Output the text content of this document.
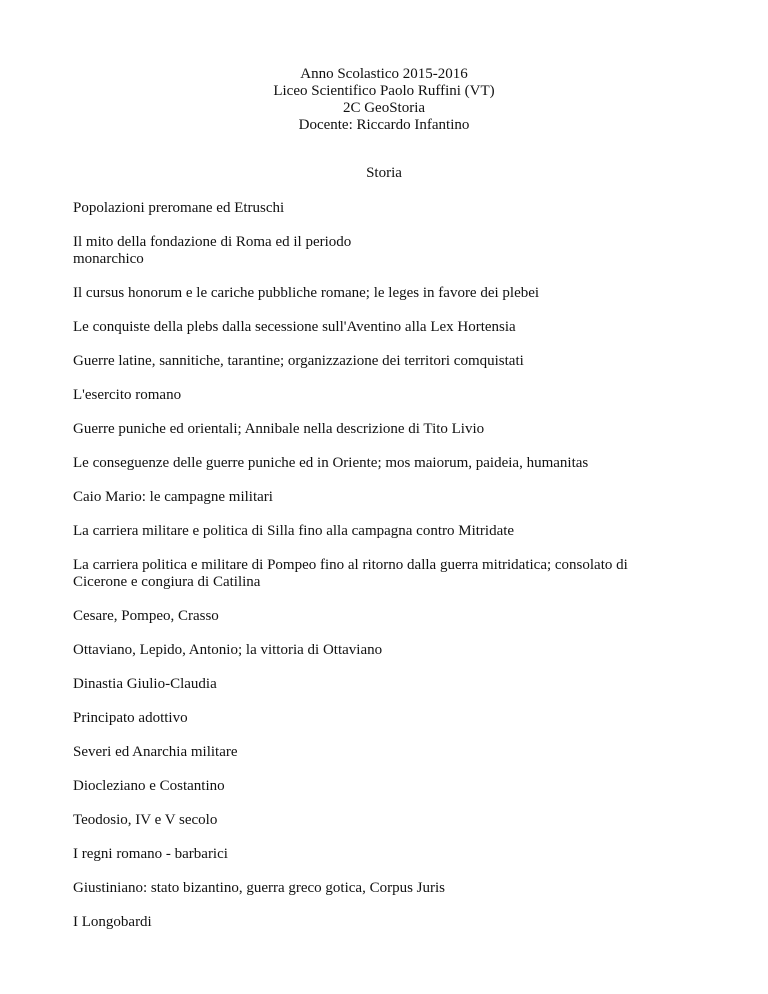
Anno Scolastico 2015-2016
Liceo Scientifico Paolo Ruffini (VT)
2C GeoStoria
Docente: Riccardo Infantino
Storia
Popolazioni preromane ed Etruschi
Il mito della fondazione di Roma ed il periodo monarchico
Il cursus honorum e le cariche pubbliche romane; le leges in favore dei plebei
Le conquiste della plebs dalla secessione sull'Aventino alla Lex Hortensia
Guerre latine, sannitiche, tarantine; organizzazione dei territori comquistati
L'esercito romano
Guerre puniche ed orientali; Annibale nella descrizione di Tito Livio
Le conseguenze delle guerre puniche ed in Oriente; mos maiorum, paideia, humanitas
Caio Mario: le campagne militari
La carriera militare e politica di Silla fino alla campagna contro Mitridate
La carriera politica e militare di Pompeo fino al ritorno dalla guerra mitridatica; consolato di Cicerone e congiura di Catilina
Cesare, Pompeo, Crasso
Ottaviano, Lepido, Antonio; la vittoria di Ottaviano
Dinastia Giulio-Claudia
Principato adottivo
Severi ed Anarchia militare
Diocleziano e Costantino
Teodosio, IV e V secolo
I regni romano - barbarici
Giustiniano: stato bizantino, guerra greco gotica, Corpus Juris
I Longobardi
